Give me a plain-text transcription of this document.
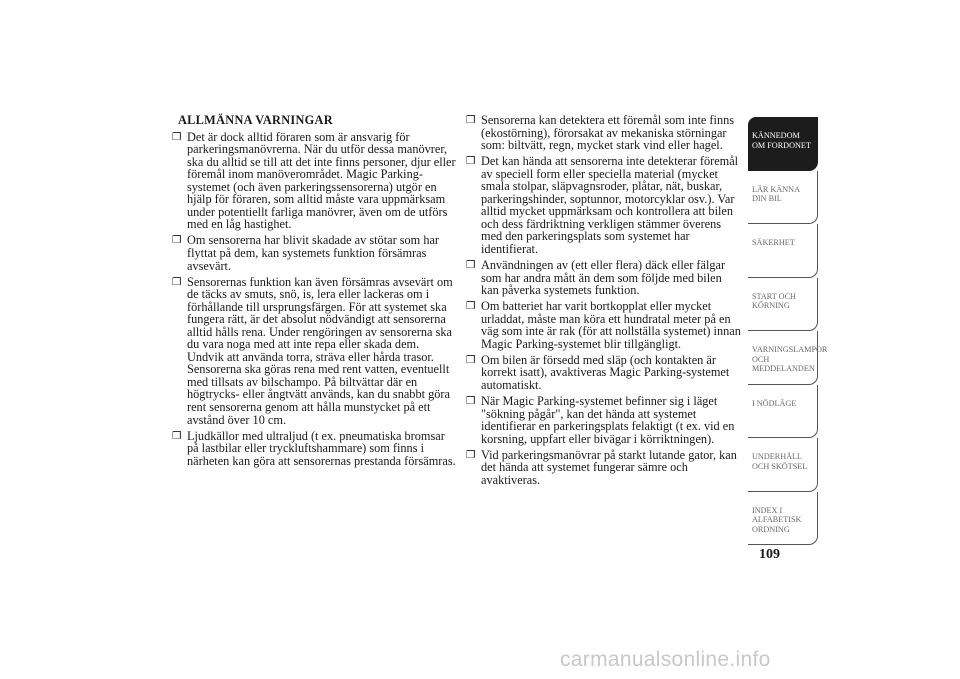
ALLMÄNNA VARNINGAR
❒ Det är dock alltid föraren som är ansvarig för parkeringsmanövrerna. När du utför dessa manövrer, ska du alltid se till att det inte finns personer, djur eller föremål inom manöverområdet. Magic Parking-systemet (och även parkeringssensorerna) utgör en hjälp för föraren, som alltid måste vara uppmärksam under potentiellt farliga manövrer, även om de utförs med en låg hastighet.
❒ Om sensorerna har blivit skadade av stötar som har flyttat på dem, kan systemets funktion försämras avsevärt.
❒ Sensorernas funktion kan även försämras avsevärt om de täcks av smuts, snö, is, lera eller lackeras om i förhållande till ursprungsfärgen. För att systemet ska fungera rätt, är det absolut nödvändigt att sensorerna alltid hålls rena. Under rengöringen av sensorerna ska du vara noga med att inte repa eller skada dem. Undvik att använda torra, sträva eller hårda trasor. Sensorerna ska göras rena med rent vatten, eventuellt med tillsats av bilschampo. På biltvättar där en högtrycks- eller ångtvätt används, kan du snabbt göra rent sensorerna genom att hålla munstycket på ett avstånd över 10 cm.
❒ Ljudkällor med ultraljud (t ex. pneumatiska bromsar på lastbilar eller tryckluftshammare) som finns i närheten kan göra att sensorernas prestanda försämras.
❒ Sensorerna kan detektera ett föremål som inte finns (ekostörning), förorsakat av mekaniska störningar som: biltvätt, regn, mycket stark vind eller hagel.
❒ Det kan hända att sensorerna inte detekterar föremål av speciell form eller speciella material (mycket smala stolpar, släpvagnsroder, plåtar, nät, buskar, parkeringshinder, soptunnor, motorcyklar osv.). Var alltid mycket uppmärksam och kontrollera att bilen och dess färdriktning verkligen stämmer överens med den parkeringsplats som systemet har identifierat.
❒ Användningen av (ett eller flera) däck eller fälgar som har andra mått än dem som följde med bilen kan påverka systemets funktion.
❒ Om batteriet har varit bortkopplat eller mycket urladdat, måste man köra ett hundratal meter på en väg som inte är rak (för att nollställa systemet) innan Magic Parking-systemet blir tillgängligt.
❒ Om bilen är försedd med släp (och kontakten är korrekt isatt), avaktiveras Magic Parking-systemet automatiskt.
❒ När Magic Parking-systemet befinner sig i läget "sökning pågår", kan det hända att systemet identifierar en parkeringsplats felaktigt (t ex. vid en korsning, uppfart eller bivägar i körriktningen).
❒ Vid parkeringsmanövrar på starkt lutande gator, kan det hända att systemet fungerar sämre och avaktiveras.
KÄNNEDOM OM FORDONET
LÄR KÄNNA DIN BIL
SÄKERHET
START OCH KÖRNING
VARNINGSLAMPOR OCH MEDDELANDEN
I NÖDLÄGE
UNDERHÅLL OCH SKÖTSEL
INDEX I ALFABETISK ORDNING
109
carmanualsonline.info
